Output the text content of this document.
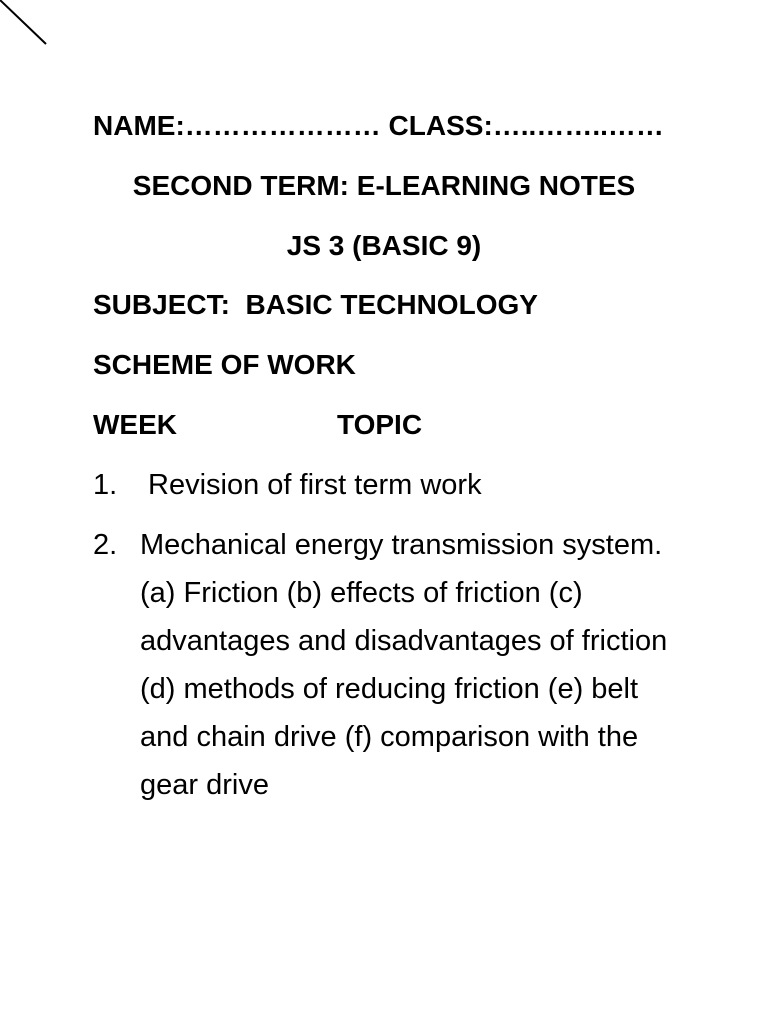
NAME:………………… CLASS:…..……..……
SECOND TERM: E-LEARNING NOTES
JS 3 (BASIC 9)
SUBJECT:  BASIC TECHNOLOGY
SCHEME OF WORK
WEEK	TOPIC
1. Revision of first term work
2. Mechanical energy transmission system. (a) Friction (b) effects of friction (c) advantages and disadvantages of friction (d) methods of reducing friction (e) belt and chain drive (f) comparison with the gear drive
